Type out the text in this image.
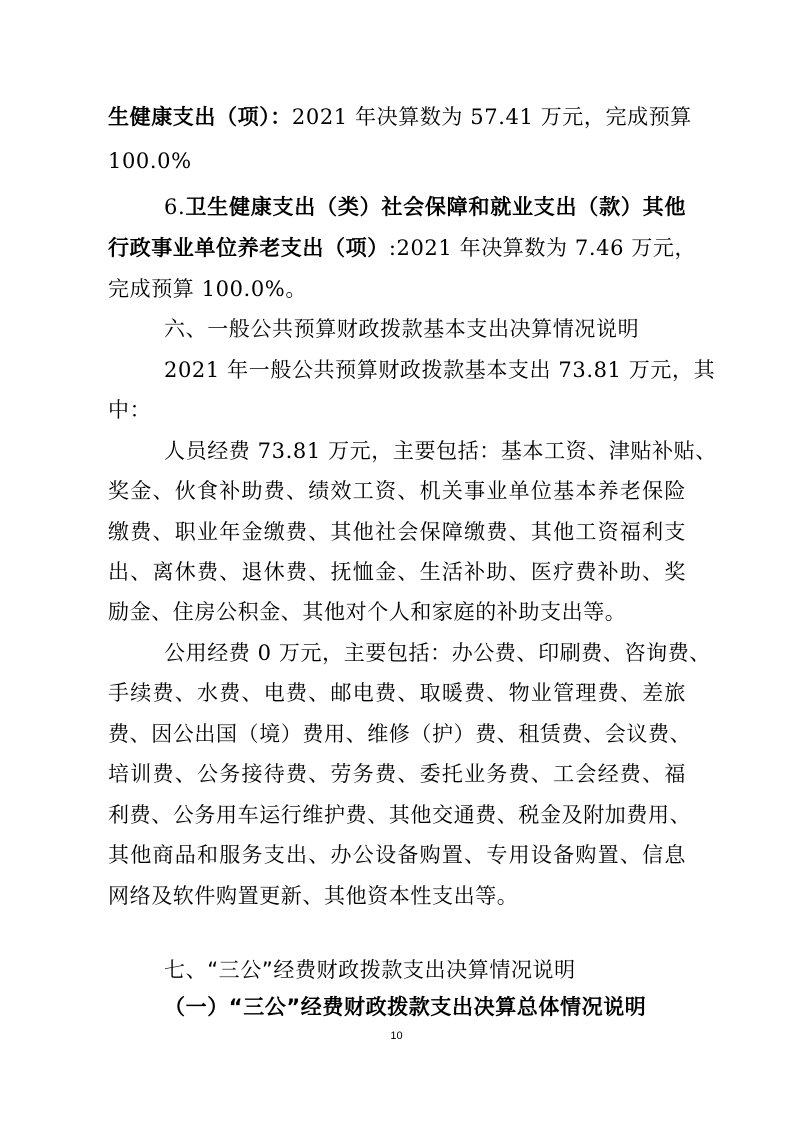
生健康支出（项）：2021 年决算数为 57.41 万元，完成预算
100.0%
6.卫生健康支出（类）社会保障和就业支出（款）其他
行政事业单位养老支出（项）:2021 年决算数为 7.46 万元，
完成预算 100.0%。
六、一般公共预算财政拨款基本支出决算情况说明
2021 年一般公共预算财政拨款基本支出 73.81 万元，其
中：
人员经费 73.81 万元，主要包括：基本工资、津贴补贴、
奖金、伙食补助费、绩效工资、机关事业单位基本养老保险
缴费、职业年金缴费、其他社会保障缴费、其他工资福利支
出、离休费、退休费、抚恤金、生活补助、医疗费补助、奖
励金、住房公积金、其他对个人和家庭的补助支出等。
公用经费 0 万元，主要包括：办公费、印刷费、咨询费、
手续费、水费、电费、邮电费、取暖费、物业管理费、差旅
费、因公出国（境）费用、维修（护）费、租赁费、会议费、
培训费、公务接待费、劳务费、委托业务费、工会经费、福
利费、公务用车运行维护费、其他交通费、税金及附加费用、
其他商品和服务支出、办公设备购置、专用设备购置、信息
网络及软件购置更新、其他资本性支出等。
七、“三公”经费财政拨款支出决算情况说明
（一）“三公”经费财政拨款支出决算总体情况说明
10
